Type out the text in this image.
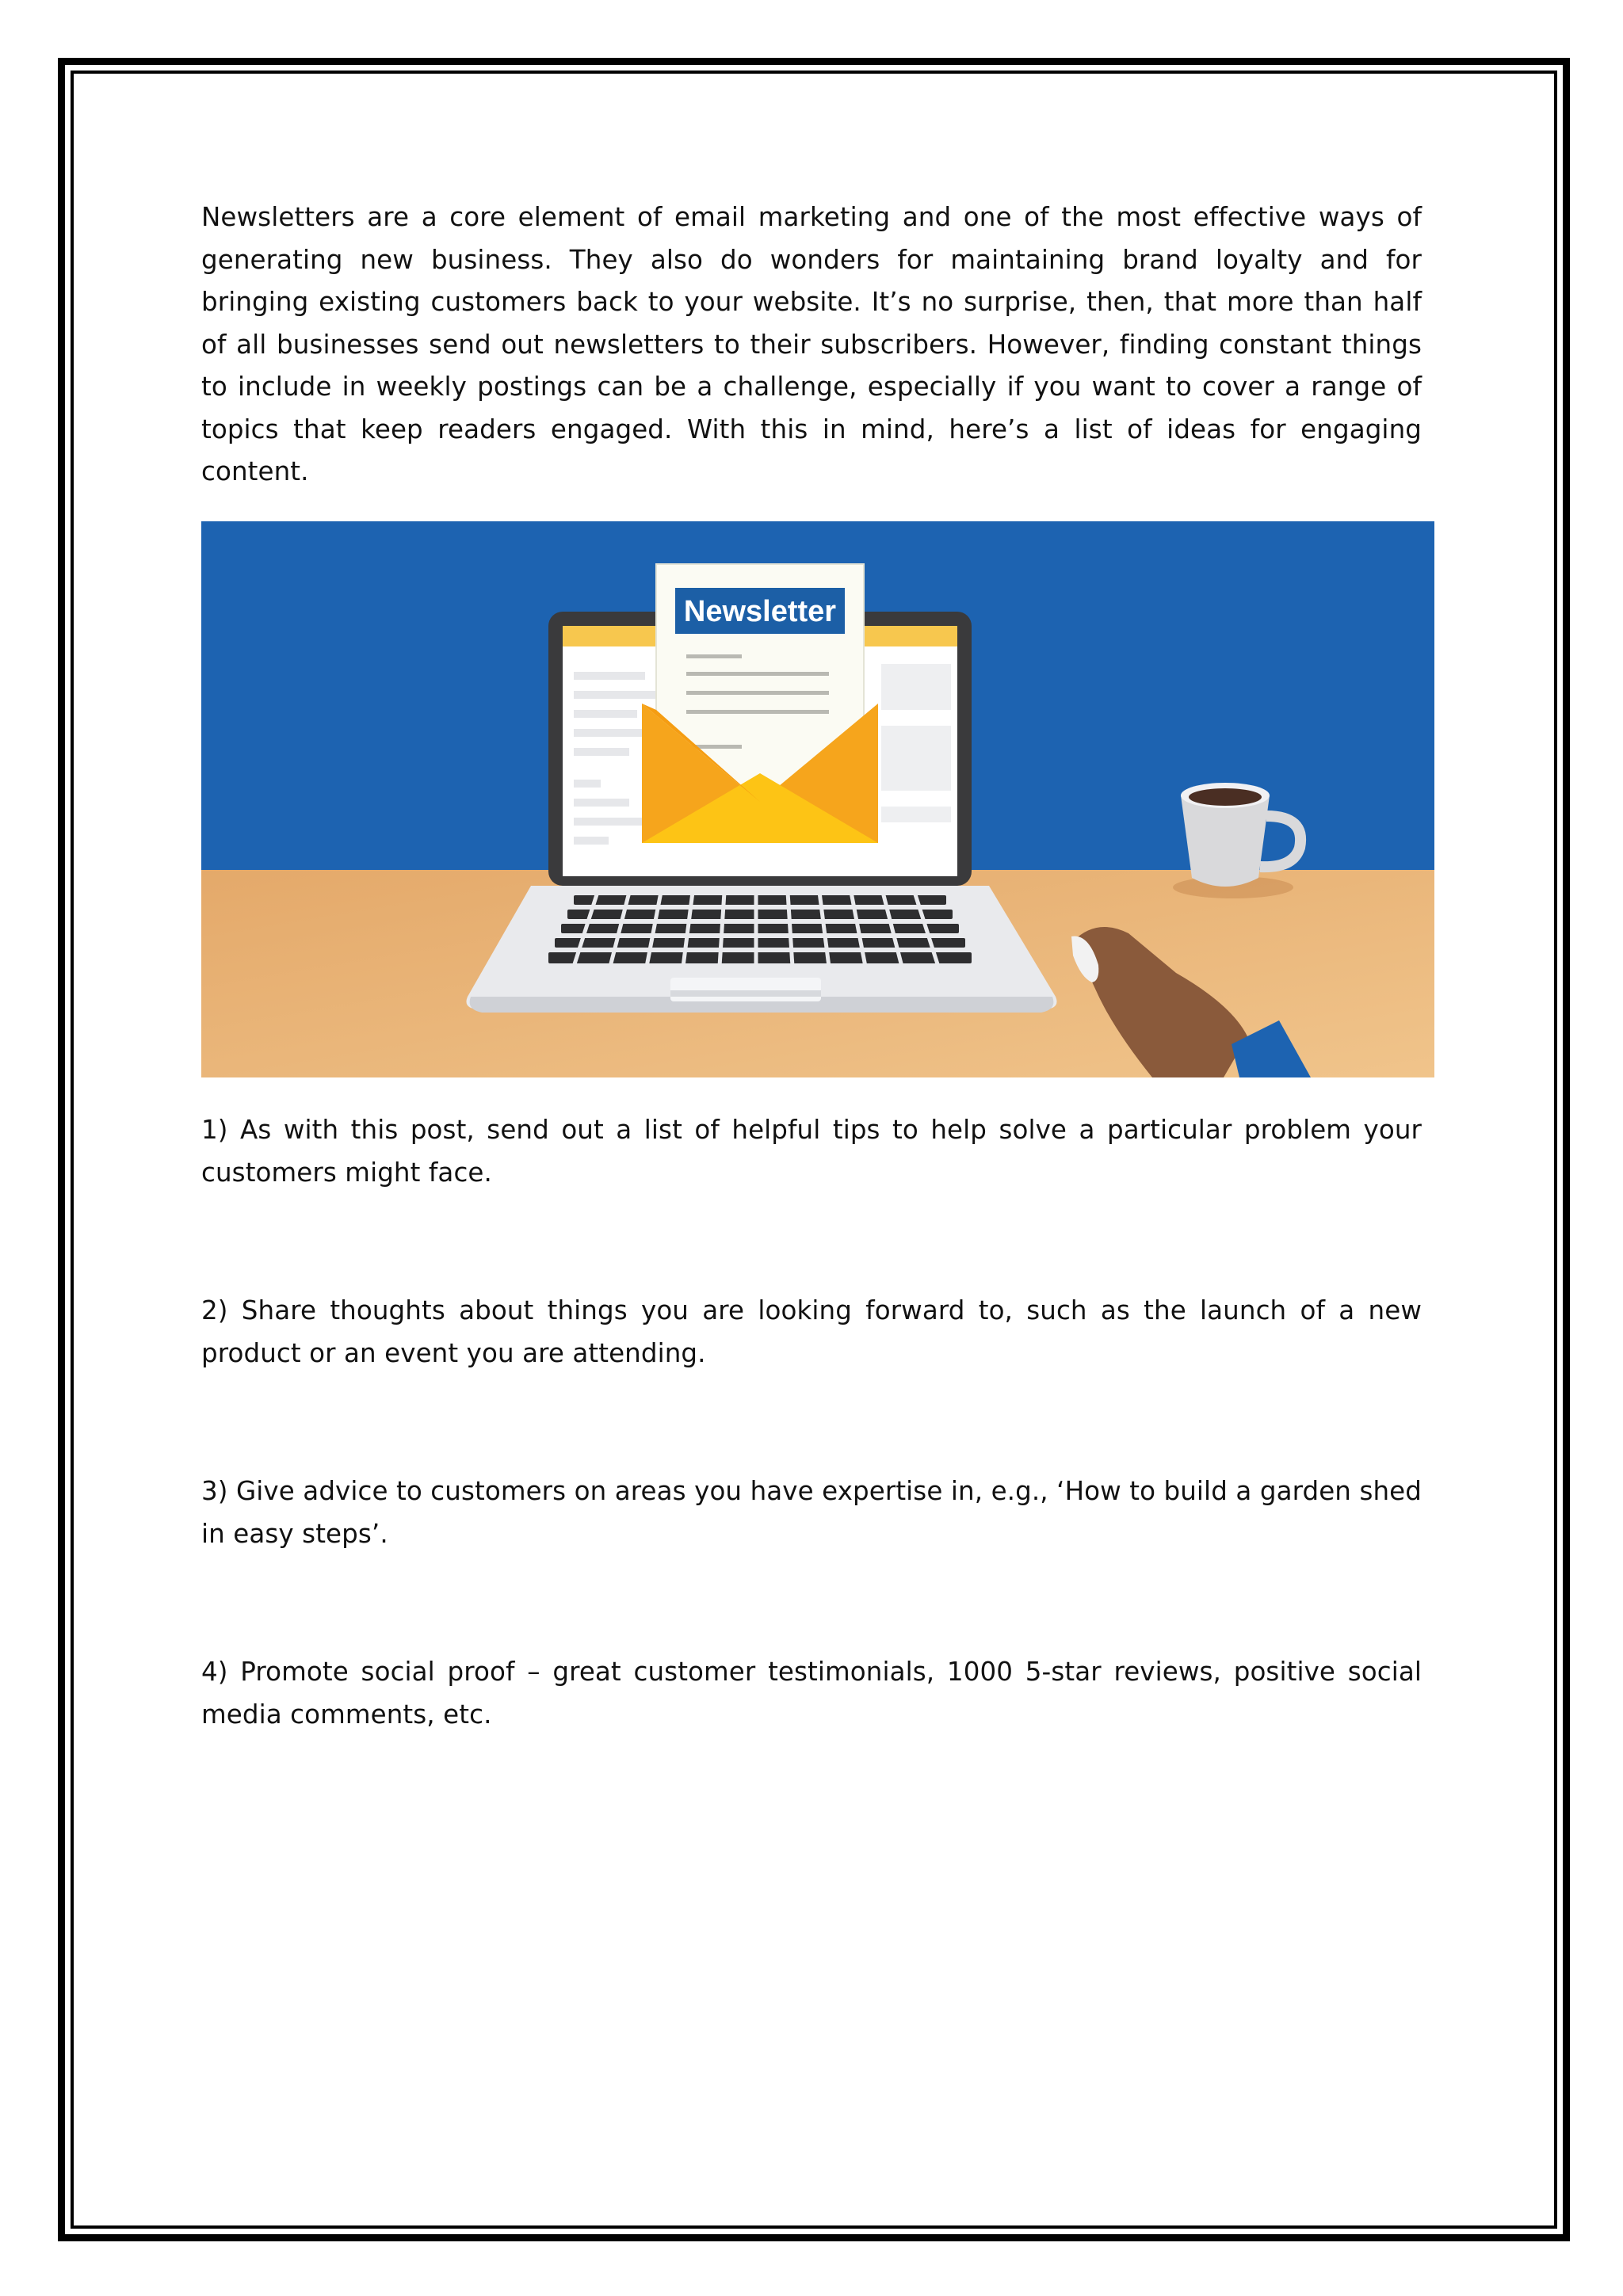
Newsletters are a core element of email marketing and one of the most effective ways of generating new business. They also do wonders for maintaining brand loyalty and for bringing existing customers back to your website. It’s no surprise, then, that more than half of all businesses send out newsletters to their subscribers. However, finding constant things to include in weekly postings can be a challenge, especially if you want to cover a range of topics that keep readers engaged. With this in mind, here’s a list of ideas for engaging content.

Newsletter

1) As with this post, send out a list of helpful tips to help solve a particular problem your customers might face.

2) Share thoughts about things you are looking forward to, such as the launch of a new product or an event you are attending.

3) Give advice to customers on areas you have expertise in, e.g., ‘How to build a garden shed in easy steps’.

4) Promote social proof – great customer testimonials, 1000 5-star reviews, positive social media comments, etc.
